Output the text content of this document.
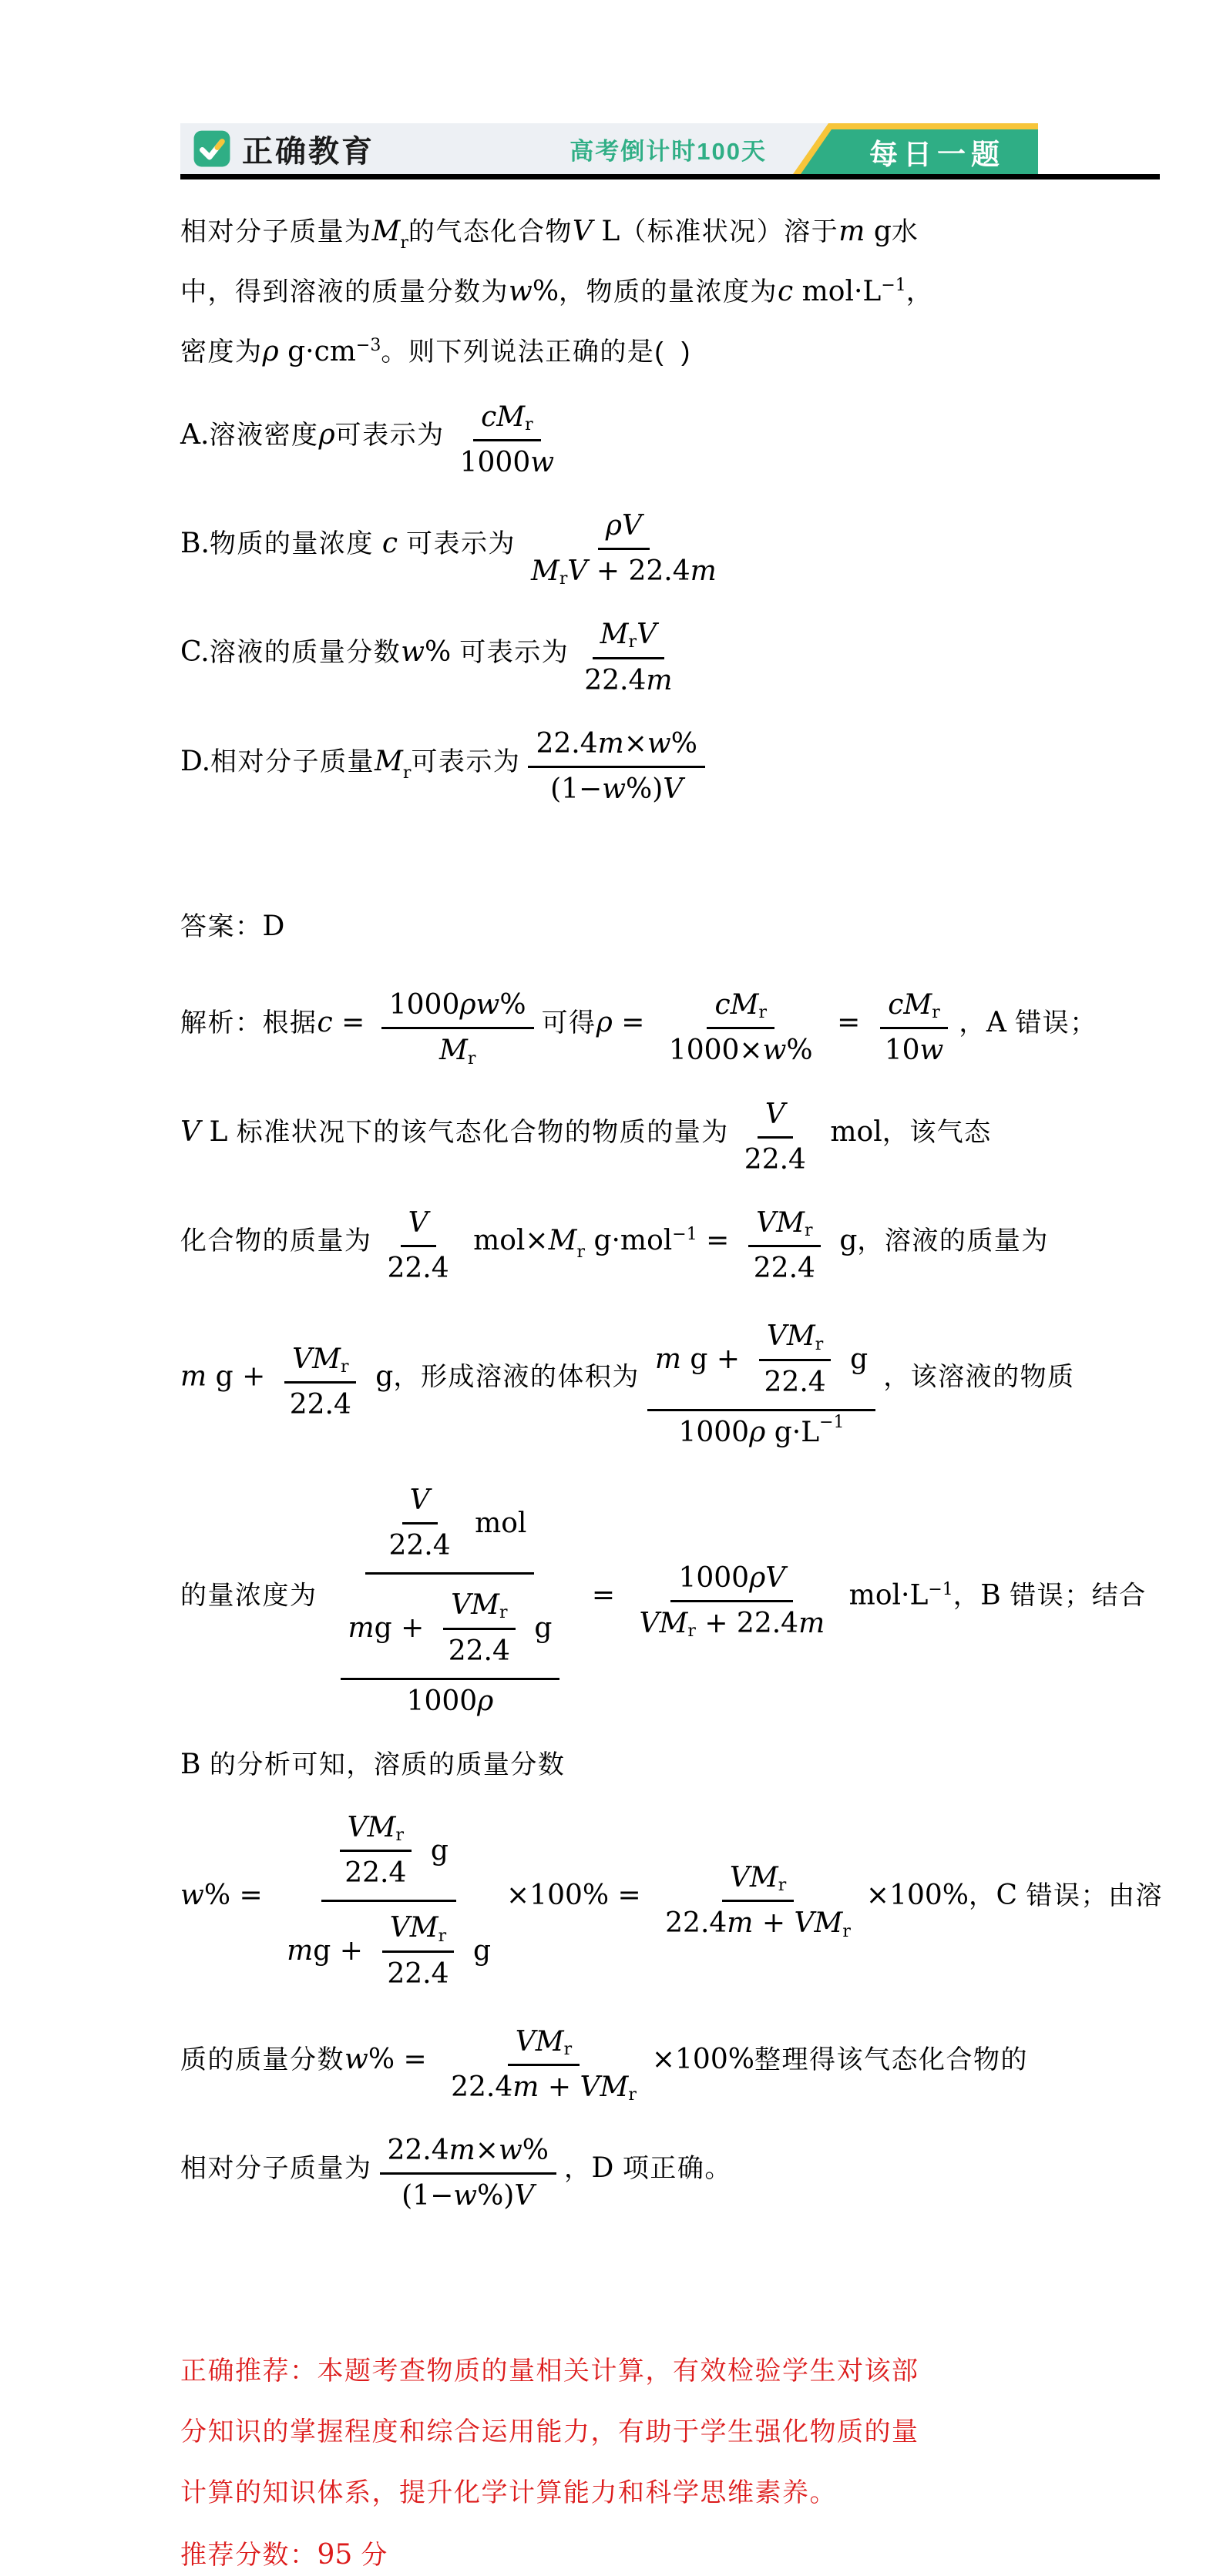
正确教育	高考倒计时100天	每日一题
相对分子质量为Mr的气态化合物V L（标准状况）溶于m g水
中，得到溶液的质量分数为w%，物质的量浓度为c mol·L−1，
密度为ρ g·cm−3。则下列说法正确的是(  )
A.溶液密度ρ可表示为 $\frac{\text{c M r}}{1000 w}$
B.物质的量浓度 c 可表示为 $\frac{\text{ρ V}}{\text{M r V + 22.4 m}}$
C.溶液的质量分数w% 可表示为 $\frac{\text{M r V}}{22.4 m}$
D.相对分子质量Mr可表示为 $\frac{22.4 m \times w \%}{(1- w \%) V}$
答案：D
解析：根据$c = \frac{\text{1000 ρ w \%}}{\text{M r}}$ 可得$\rho = \frac{\text{c M r}}{1000\times w \%} = \frac{\text{c M r}}{10 w}$ ，A 错误；
V L 标准状况下的该气态化合物的物质的量为 $\frac{V}{22.4}$ mol，该气态
化合物的质量为 $\frac{V}{22.4} mol\times Mr$ $g\cdot mol-1 = \frac{\text{V M r}}{22.4}$ g，溶液的质量为
m $g + \frac{\text{V M r}}{22.4}$ g，形成溶液的体积为 $\frac{m g + \frac{\text{V M r}}{22.4} g}{\text{1000 ρ g·L −1}}$ ，该溶液的物质
的量浓度为 $\frac{\frac{V}{22.4} mol}{\frac{m g + \frac{\text{V M r}}{22.4} g}{1000 \rho}} = \frac{\text{1000 ρ V}}{\text{V M r + 22.4 m}} mol\cdot L-1$，B 错误；结合
B 的分析可知，溶质的质量分数
$w\% = \frac{\frac{\text{V M r}}{22.4} g}{m g + \frac{\text{V M r}}{22.4} g} \times 100\% = \frac{\text{V M r}}{\text{22.4 m + V M r}} \times 100\%$，C 错误；由溶
质的质量分数$w\% = \frac{\text{V M r}}{\text{22.4 m + V M r}} \times 100\%$整理得该气态化合物的
相对分子质量为 $\frac{22.4 m \times w \%}{(1- w \%) V}$ ，D 项正确。
正确推荐：本题考查物质的量相关计算，有效检验学生对该部
分知识的掌握程度和综合运用能力，有助于学生强化物质的量
计算的知识体系，提升化学计算能力和科学思维素养。
推荐分数：95 分
